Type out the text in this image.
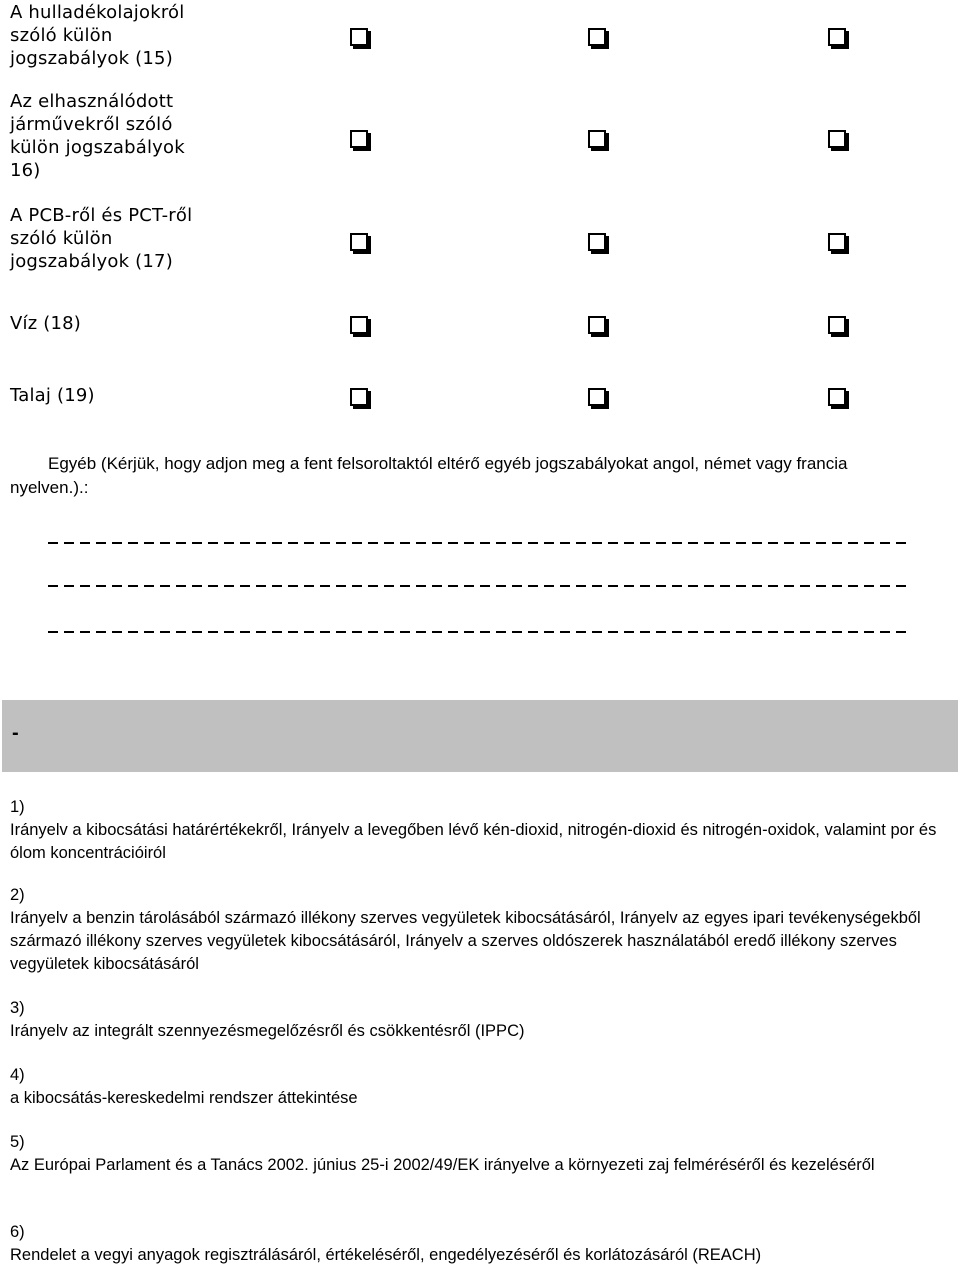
A hulladékolajokról
szóló külön
jogszabályok (15)
Az elhasználódott
járművekről szóló
külön jogszabályok
16)
A PCB-ről és PCT-ről
szóló külön
jogszabályok (17)
Víz (18)
Talaj (19)
Egyéb (Kérjük, hogy adjon meg a fent felsoroltaktól eltérő egyéb jogszabályokat angol, német vagy francia nyelven.).:
-
1)
Irányelv a kibocsátási határértékekről, Irányelv a levegőben lévő kén-dioxid, nitrogén-dioxid és nitrogén-oxidok, valamint por és ólom koncentrációiról
2)
Irányelv a benzin tárolásából származó illékony szerves vegyületek kibocsátásáról, Irányelv az egyes ipari tevékenységekből származó illékony szerves vegyületek kibocsátásáról, Irányelv a szerves oldószerek használatából eredő illékony szerves vegyületek kibocsátásáról
3)
Irányelv az integrált szennyezésmegelőzésről és csökkentésről (IPPC)
4)
a kibocsátás-kereskedelmi rendszer áttekintése
5)
Az Európai Parlament és a Tanács 2002. június 25-i 2002/49/EK irányelve a környezeti zaj felméréséről és kezeléséről
6)
Rendelet a vegyi anyagok regisztrálásáról, értékeléséről, engedélyezéséről és korlátozásáról (REACH)
